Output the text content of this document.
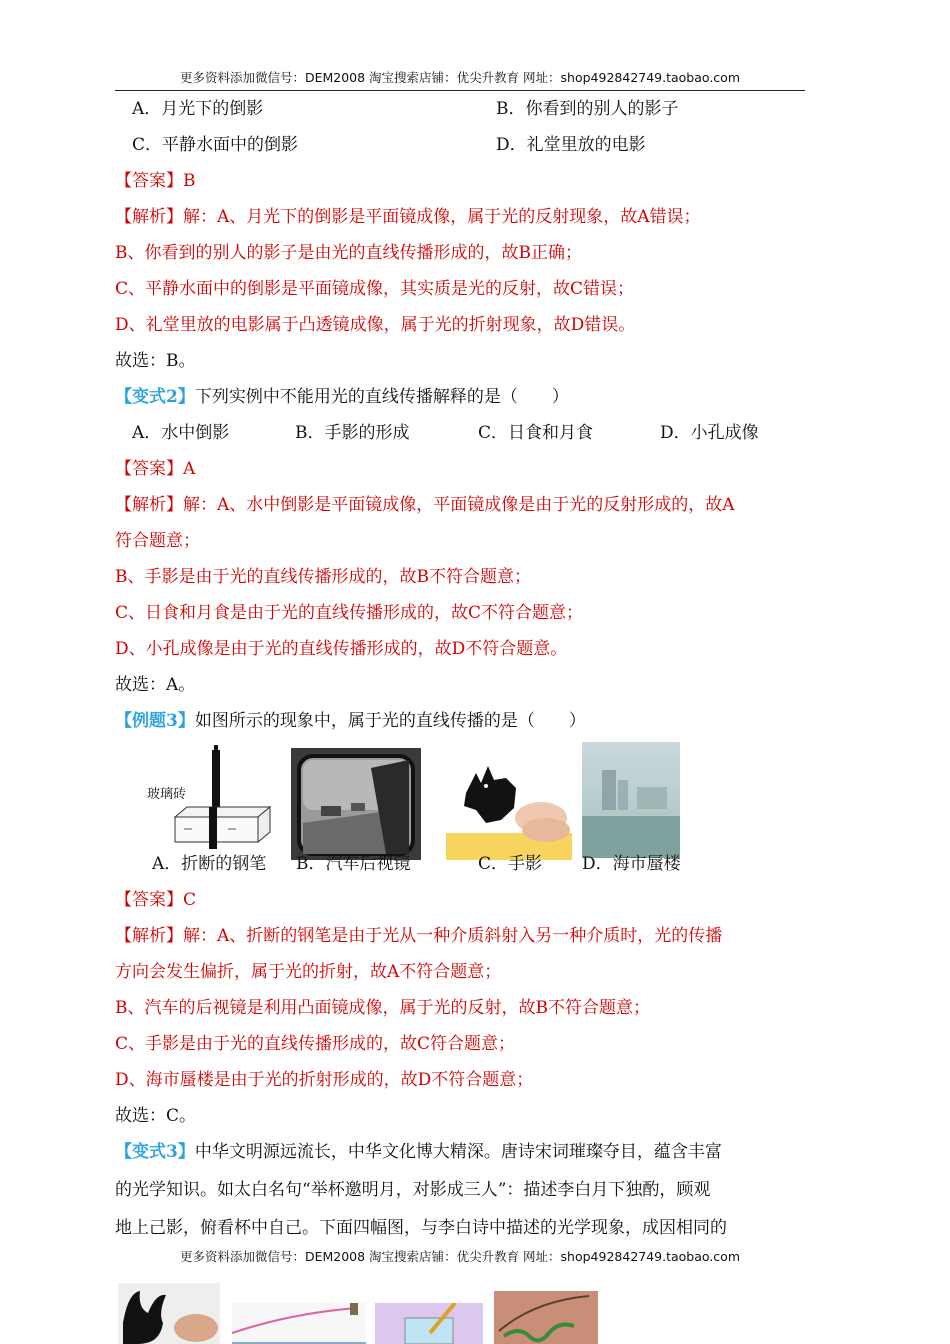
更多资料添加微信号：DEM2008 淘宝搜索店铺：优尖升教育 网址：shop492842749.taobao.com
A．月光下的倒影	B．你看到的别人的影子
C．平静水面中的倒影	D．礼堂里放的电影
【答案】B
【解析】解：A、月光下的倒影是平面镜成像，属于光的反射现象，故A错误；
B、你看到的别人的影子是由光的直线传播形成的，故B正确；
C、平静水面中的倒影是平面镜成像，其实质是光的反射，故C错误；
D、礼堂里放的电影属于凸透镜成像，属于光的折射现象，故D错误。
故选：B。
【变式2】下列实例中不能用光的直线传播解释的是（　　）
A．水中倒影	B．手影的形成	C．日食和月食	D．小孔成像
【答案】A
【解析】解：A、水中倒影是平面镜成像，平面镜成像是由于光的反射形成的，故A
符合题意；
B、手影是由于光的直线传播形成的，故B不符合题意；
C、日食和月食是由于光的直线传播形成的，故C不符合题意；
D、小孔成像是由于光的直线传播形成的，故D不符合题意。
故选：A。
【例题3】如图所示的现象中，属于光的直线传播的是（　　）
玻璃砖
A．折断的钢笔 B．汽车后视镜	C．手影 D．海市蜃楼
【答案】C
【解析】解：A、折断的钢笔是由于光从一种介质斜射入另一种介质时，光的传播
方向会发生偏折，属于光的折射，故A不符合题意；
B、汽车的后视镜是利用凸面镜成像，属于光的反射，故B不符合题意；
C、手影是由于光的直线传播形成的，故C符合题意；
D、海市蜃楼是由于光的折射形成的，故D不符合题意；
故选：C。
【变式3】中华文明源远流长，中华文化博大精深。唐诗宋词璀璨夺目，蕴含丰富
的光学知识。如太白名句“举杯邀明月，对影成三人”：描述李白月下独酌，顾观
地上己影，俯看杯中自己。下面四幅图，与李白诗中描述的光学现象，成因相同的
更多资料添加微信号：DEM2008 淘宝搜索店铺：优尖升教育 网址：shop492842749.taobao.com
